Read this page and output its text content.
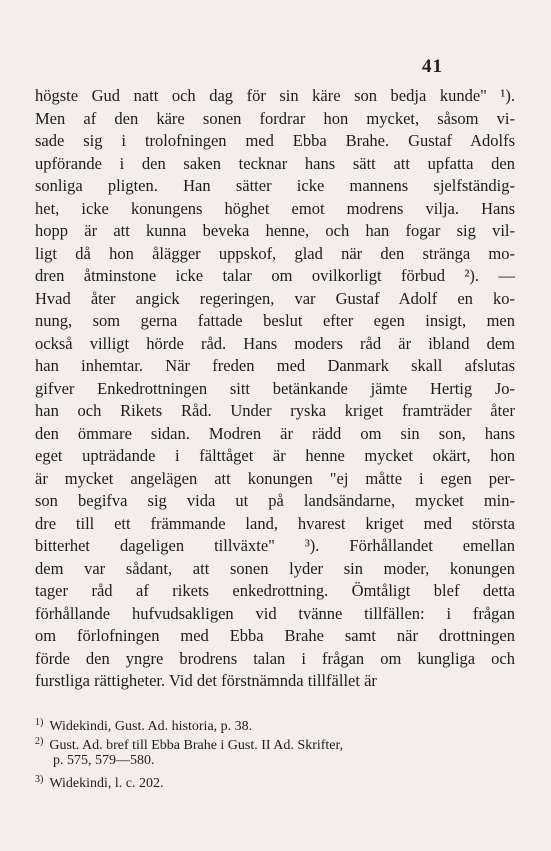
41
högste Gud natt och dag för sin käre son bedja kunde" ¹).
Men af den käre sonen fordrar hon mycket, såsom vi-
sade sig i trolofningen med Ebba Brahe. Gustaf Adolfs
upförande i den saken tecknar hans sätt att upfatta den
sonliga pligten. Han sätter icke mannens sjelfständig-
het, icke konungens höghet emot modrens vilja. Hans
hopp är att kunna beveka henne, och han fogar sig vil-
ligt då hon ålägger uppskof, glad när den stränga mo-
dren åtminstone icke talar om ovilkorligt förbud ²). —
Hvad åter angick regeringen, var Gustaf Adolf en ko-
nung, som gerna fattade beslut efter egen insigt, men
också villigt hörde råd. Hans moders råd är ibland dem
han inhemtar. När freden med Danmark skall afslutas
gifver Enkedrottningen sitt betänkande jämte Hertig Jo-
han och Rikets Råd. Under ryska kriget framträder åter
den ömmare sidan. Modren är rädd om sin son, hans
eget upträdande i fälttåget är henne mycket okärt, hon
är mycket angelägen att konungen "ej måtte i egen per-
son begifva sig vida ut på landsändarne, mycket min-
dre till ett främmande land, hvarest kriget med största
bitterhet dageligen tillväxte" ³). Förhållandet emellan
dem var sådant, att sonen lyder sin moder, konungen
tager råd af rikets enkedrottning. Ömtåligt blef detta
förhållande hufvudsakligen vid tvänne tillfällen: i frågan
om förlofningen med Ebba Brahe samt när drottningen
förde den yngre brodrens talan i frågan om kungliga och
furstliga rättigheter. Vid det förstnämnda tillfället är
$^{1)}$ Widekindi, Gust. Ad. historia, p. 38.
$^{2)}$ Gust. Ad. bref till Ebba Brahe i Gust. II Ad. Skrifter,
p. 575, 579—580.
$^{3)}$ Widekindi, l. c. 202.
